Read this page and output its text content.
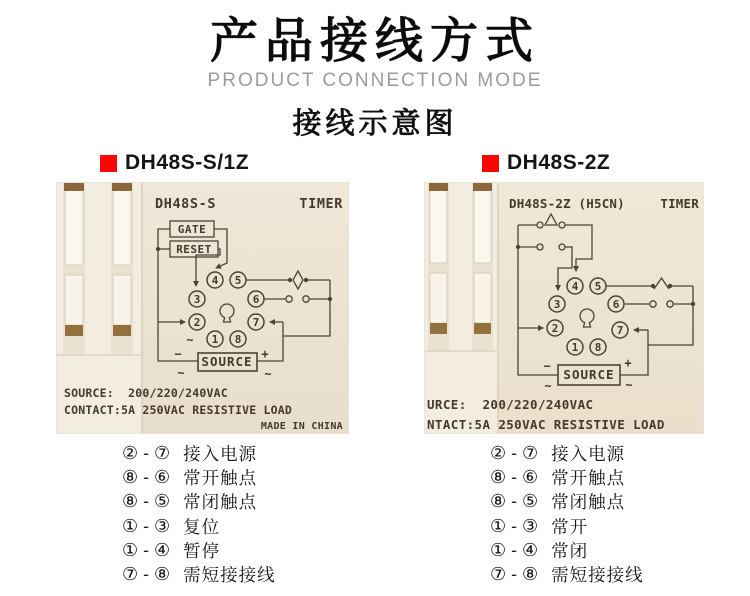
产品接线方式
PRODUCT CONNECTION MODE
接线示意图
DH48S-S/1Z	DH48S-2Z
DH48S-S	TIMER
GATE
RESET
4 5
3	6
2	7
1 8
~
SOURCE
−
~
+
~
SOURCE:  200/220/240VAC
CONTACT:5A 250VAC RESISTIVE LOAD
MADE IN CHINA
DH48S-2Z (H5CN)	TIMER
4 5
3	6
2	7
1 8
SOURCE
−
~
+
~
URCE:  200/220/240VAC
NTACT:5A 250VAC RESISTIVE LOAD
② - ⑦ 接入电源
⑧ - ⑥ 常开触点
⑧ - ⑤ 常闭触点
① - ③ 复位
① - ④ 暂停
⑦ - ⑧ 需短接接线
② - ⑦ 接入电源
⑧ - ⑥ 常开触点
⑧ - ⑤ 常闭触点
① - ③ 常开
① - ④ 常闭
⑦ - ⑧ 需短接接线
